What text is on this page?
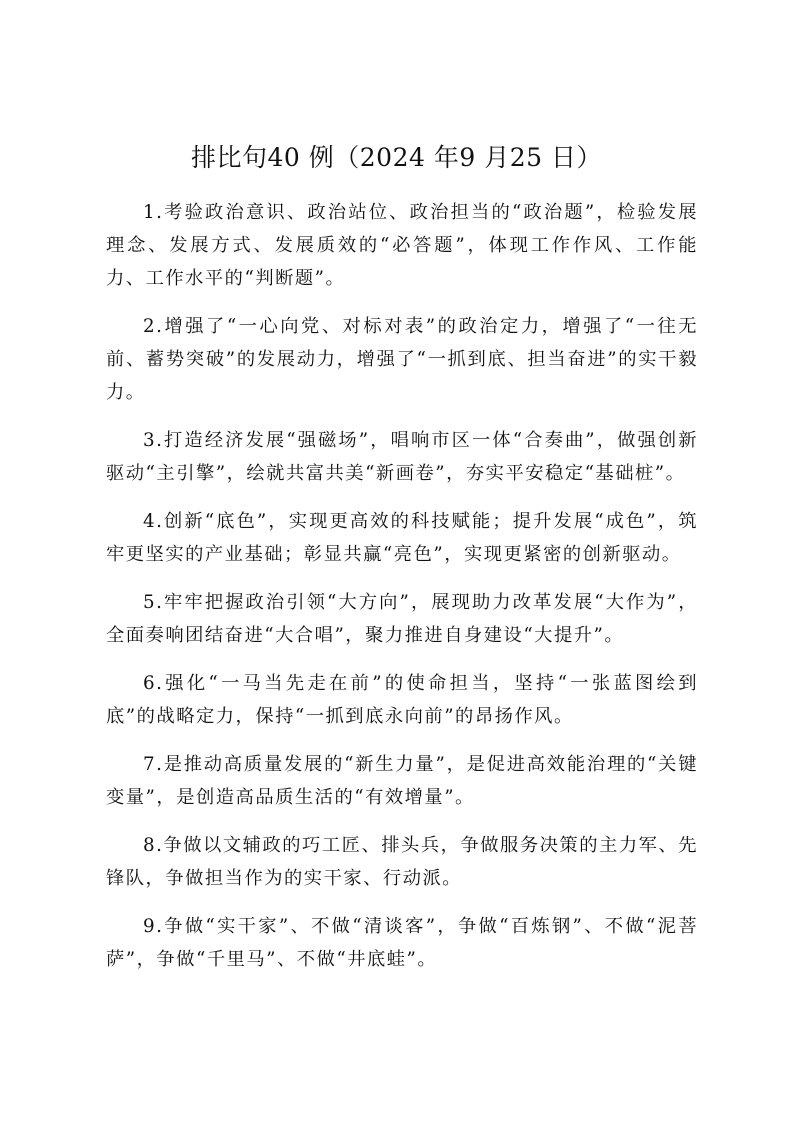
排比句40 例（2024 年9 月25 日）

1.考验政治意识、政治站位、政治担当的“政治题”，检验发展理念、发展方式、发展质效的“必答题”，体现工作作风、工作能力、工作水平的“判断题”。

2.增强了“一心向党、对标对表”的政治定力，增强了“一往无前、蓄势突破”的发展动力，增强了“一抓到底、担当奋进”的实干毅力。

3.打造经济发展“强磁场”，唱响市区一体“合奏曲”，做强创新驱动“主引擎”，绘就共富共美“新画卷”，夯实平安稳定“基础桩”。

4.创新“底色”，实现更高效的科技赋能；提升发展“成色”，筑牢更坚实的产业基础；彰显共赢“亮色”，实现更紧密的创新驱动。

5.牢牢把握政治引领“大方向”，展现助力改革发展“大作为”，全面奏响团结奋进“大合唱”，聚力推进自身建设“大提升”。

6.强化“一马当先走在前”的使命担当，坚持“一张蓝图绘到底”的战略定力，保持“一抓到底永向前”的昂扬作风。

7.是推动高质量发展的“新生力量”，是促进高效能治理的“关键变量”，是创造高品质生活的“有效增量”。

8.争做以文辅政的巧工匠、排头兵，争做服务决策的主力军、先锋队，争做担当作为的实干家、行动派。

9.争做“实干家”、不做“清谈客”，争做“百炼钢”、不做“泥菩萨”，争做“千里马”、不做“井底蛙”。
